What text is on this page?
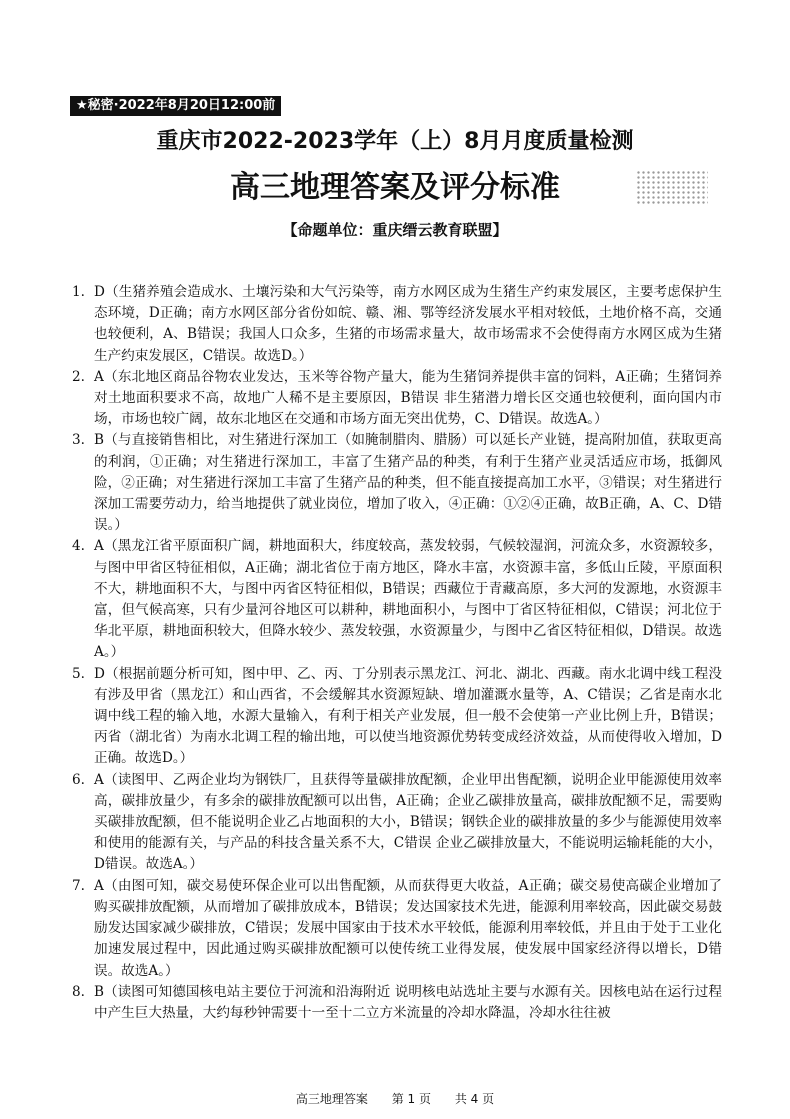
★秘密·2022年8月20日12:00前
重庆市2022-2023学年（上）8月月度质量检测
高三地理答案及评分标准
【命题单位：重庆缙云教育联盟】
1. D（生猪养殖会造成水、土壤污染和大气污染等，南方水网区成为生猪生产约束发展区，主要考虑保护生态环境，D正确；南方水网区部分省份如皖、赣、湘、鄂等经济发展水平相对较低，土地价格不高，交通也较便利，A、B错误；我国人口众多，生猪的市场需求量大，故市场需求不会使得南方水网区成为生猪生产约束发展区，C错误。故选D。）
2. A（东北地区商品谷物农业发达，玉米等谷物产量大，能为生猪饲养提供丰富的饲料，A正确；生猪饲养对土地面积要求不高，故地广人稀不是主要原因，B错误 非生猪潜力增长区交通也较便利，面向国内市场，市场也较广阔，故东北地区在交通和市场方面无突出优势，C、D错误。故选A。）
3. B（与直接销售相比，对生猪进行深加工（如腌制腊肉、腊肠）可以延长产业链，提高附加值，获取更高的利润，①正确；对生猪进行深加工，丰富了生猪产品的种类，有利于生猪产业灵活适应市场，抵御风险，②正确；对生猪进行深加工丰富了生猪产品的种类，但不能直接提高加工水平，③错误；对生猪进行深加工需要劳动力，给当地提供了就业岗位，增加了收入，④正确：①②④正确，故B正确，A、C、D错误。）
4. A（黑龙江省平原面积广阔，耕地面积大，纬度较高，蒸发较弱，气候较湿润，河流众多，水资源较多，与图中甲省区特征相似，A正确；湖北省位于南方地区，降水丰富，水资源丰富，多低山丘陵，平原面积不大，耕地面积不大，与图中丙省区特征相似，B错误；西藏位于青藏高原，多大河的发源地，水资源丰富，但气候高寒，只有少量河谷地区可以耕种，耕地面积小，与图中丁省区特征相似，C错误；河北位于华北平原，耕地面积较大，但降水较少、蒸发较强，水资源量少，与图中乙省区特征相似，D错误。故选A。）
5. D（根据前题分析可知，图中甲、乙、丙、丁分别表示黑龙江、河北、湖北、西藏。南水北调中线工程没有涉及甲省（黑龙江）和山西省，不会缓解其水资源短缺、增加灌溉水量等，A、C错误；乙省是南水北调中线工程的输入地，水源大量输入，有利于相关产业发展，但一般不会使第一产业比例上升，B错误；丙省（湖北省）为南水北调工程的输出地，可以使当地资源优势转变成经济效益，从而使得收入增加，D正确。故选D。）
6. A（读图甲、乙两企业均为钢铁厂，且获得等量碳排放配额，企业甲出售配额，说明企业甲能源使用效率高，碳排放量少，有多余的碳排放配额可以出售，A正确；企业乙碳排放量高，碳排放配额不足，需要购买碳排放配额，但不能说明企业乙占地面积的大小，B错误；钢铁企业的碳排放量的多少与能源使用效率和使用的能源有关，与产品的科技含量关系不大，C错误 企业乙碳排放量大，不能说明运输耗能的大小，D错误。故选A。）
7. A（由图可知，碳交易使环保企业可以出售配额，从而获得更大收益，A正确；碳交易使高碳企业增加了购买碳排放配额，从而增加了碳排放成本，B错误；发达国家技术先进，能源利用率较高，因此碳交易鼓励发达国家减少碳排放，C错误；发展中国家由于技术水平较低，能源利用率较低，并且由于处于工业化加速发展过程中，因此通过购买碳排放配额可以使传统工业得发展，使发展中国家经济得以增长，D错误。故选A。）
8. B（读图可知德国核电站主要位于河流和沿海附近 说明核电站选址主要与水源有关。因核电站在运行过程中产生巨大热量，大约每秒钟需要十一至十二立方米流量的冷却水降温，冷却水往往被
高三地理答案 第 1 页 共 4 页
